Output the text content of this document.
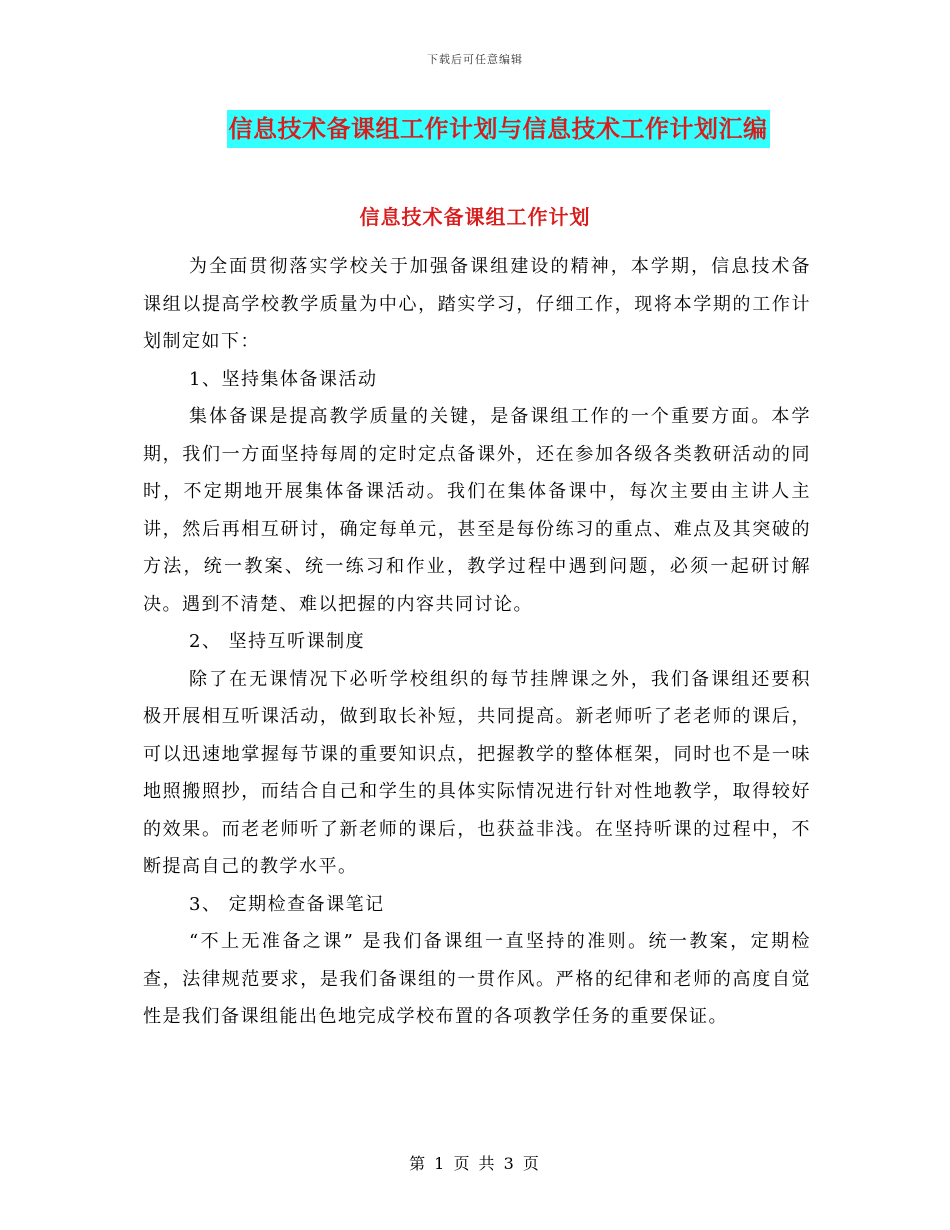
下载后可任意编辑
信息技术备课组工作计划与信息技术工作计划汇编
信息技术备课组工作计划

为全面贯彻落实学校关于加强备课组建设的精神，本学期，信息技术备课组以提高学校教学质量为中心，踏实学习，仔细工作，现将本学期的工作计划制定如下：

1、坚持集体备课活动

集体备课是提高教学质量的关键，是备课组工作的一个重要方面。本学期，我们一方面坚持每周的定时定点备课外，还在参加各级各类教研活动的同时，不定期地开展集体备课活动。我们在集体备课中，每次主要由主讲人主讲，然后再相互研讨，确定每单元，甚至是每份练习的重点、难点及其突破的方法，统一教案、统一练习和作业，教学过程中遇到问题，必须一起研讨解决。遇到不清楚、难以把握的内容共同讨论。

2、 坚持互听课制度

除了在无课情况下必听学校组织的每节挂牌课之外，我们备课组还要积极开展相互听课活动，做到取长补短，共同提高。新老师听了老老师的课后，可以迅速地掌握每节课的重要知识点，把握教学的整体框架，同时也不是一味地照搬照抄，而结合自己和学生的具体实际情况进行针对性地教学，取得较好的效果。而老老师听了新老师的课后，也获益非浅。在坚持听课的过程中，不断提高自己的教学水平。

3、 定期检查备课笔记

“不上无准备之课” 是我们备课组一直坚持的准则。统一教案，定期检查，法律规范要求，是我们备课组的一贯作风。严格的纪律和老师的高度自觉性是我们备课组能出色地完成学校布置的各项教学任务的重要保证。

第 1 页 共 3 页
